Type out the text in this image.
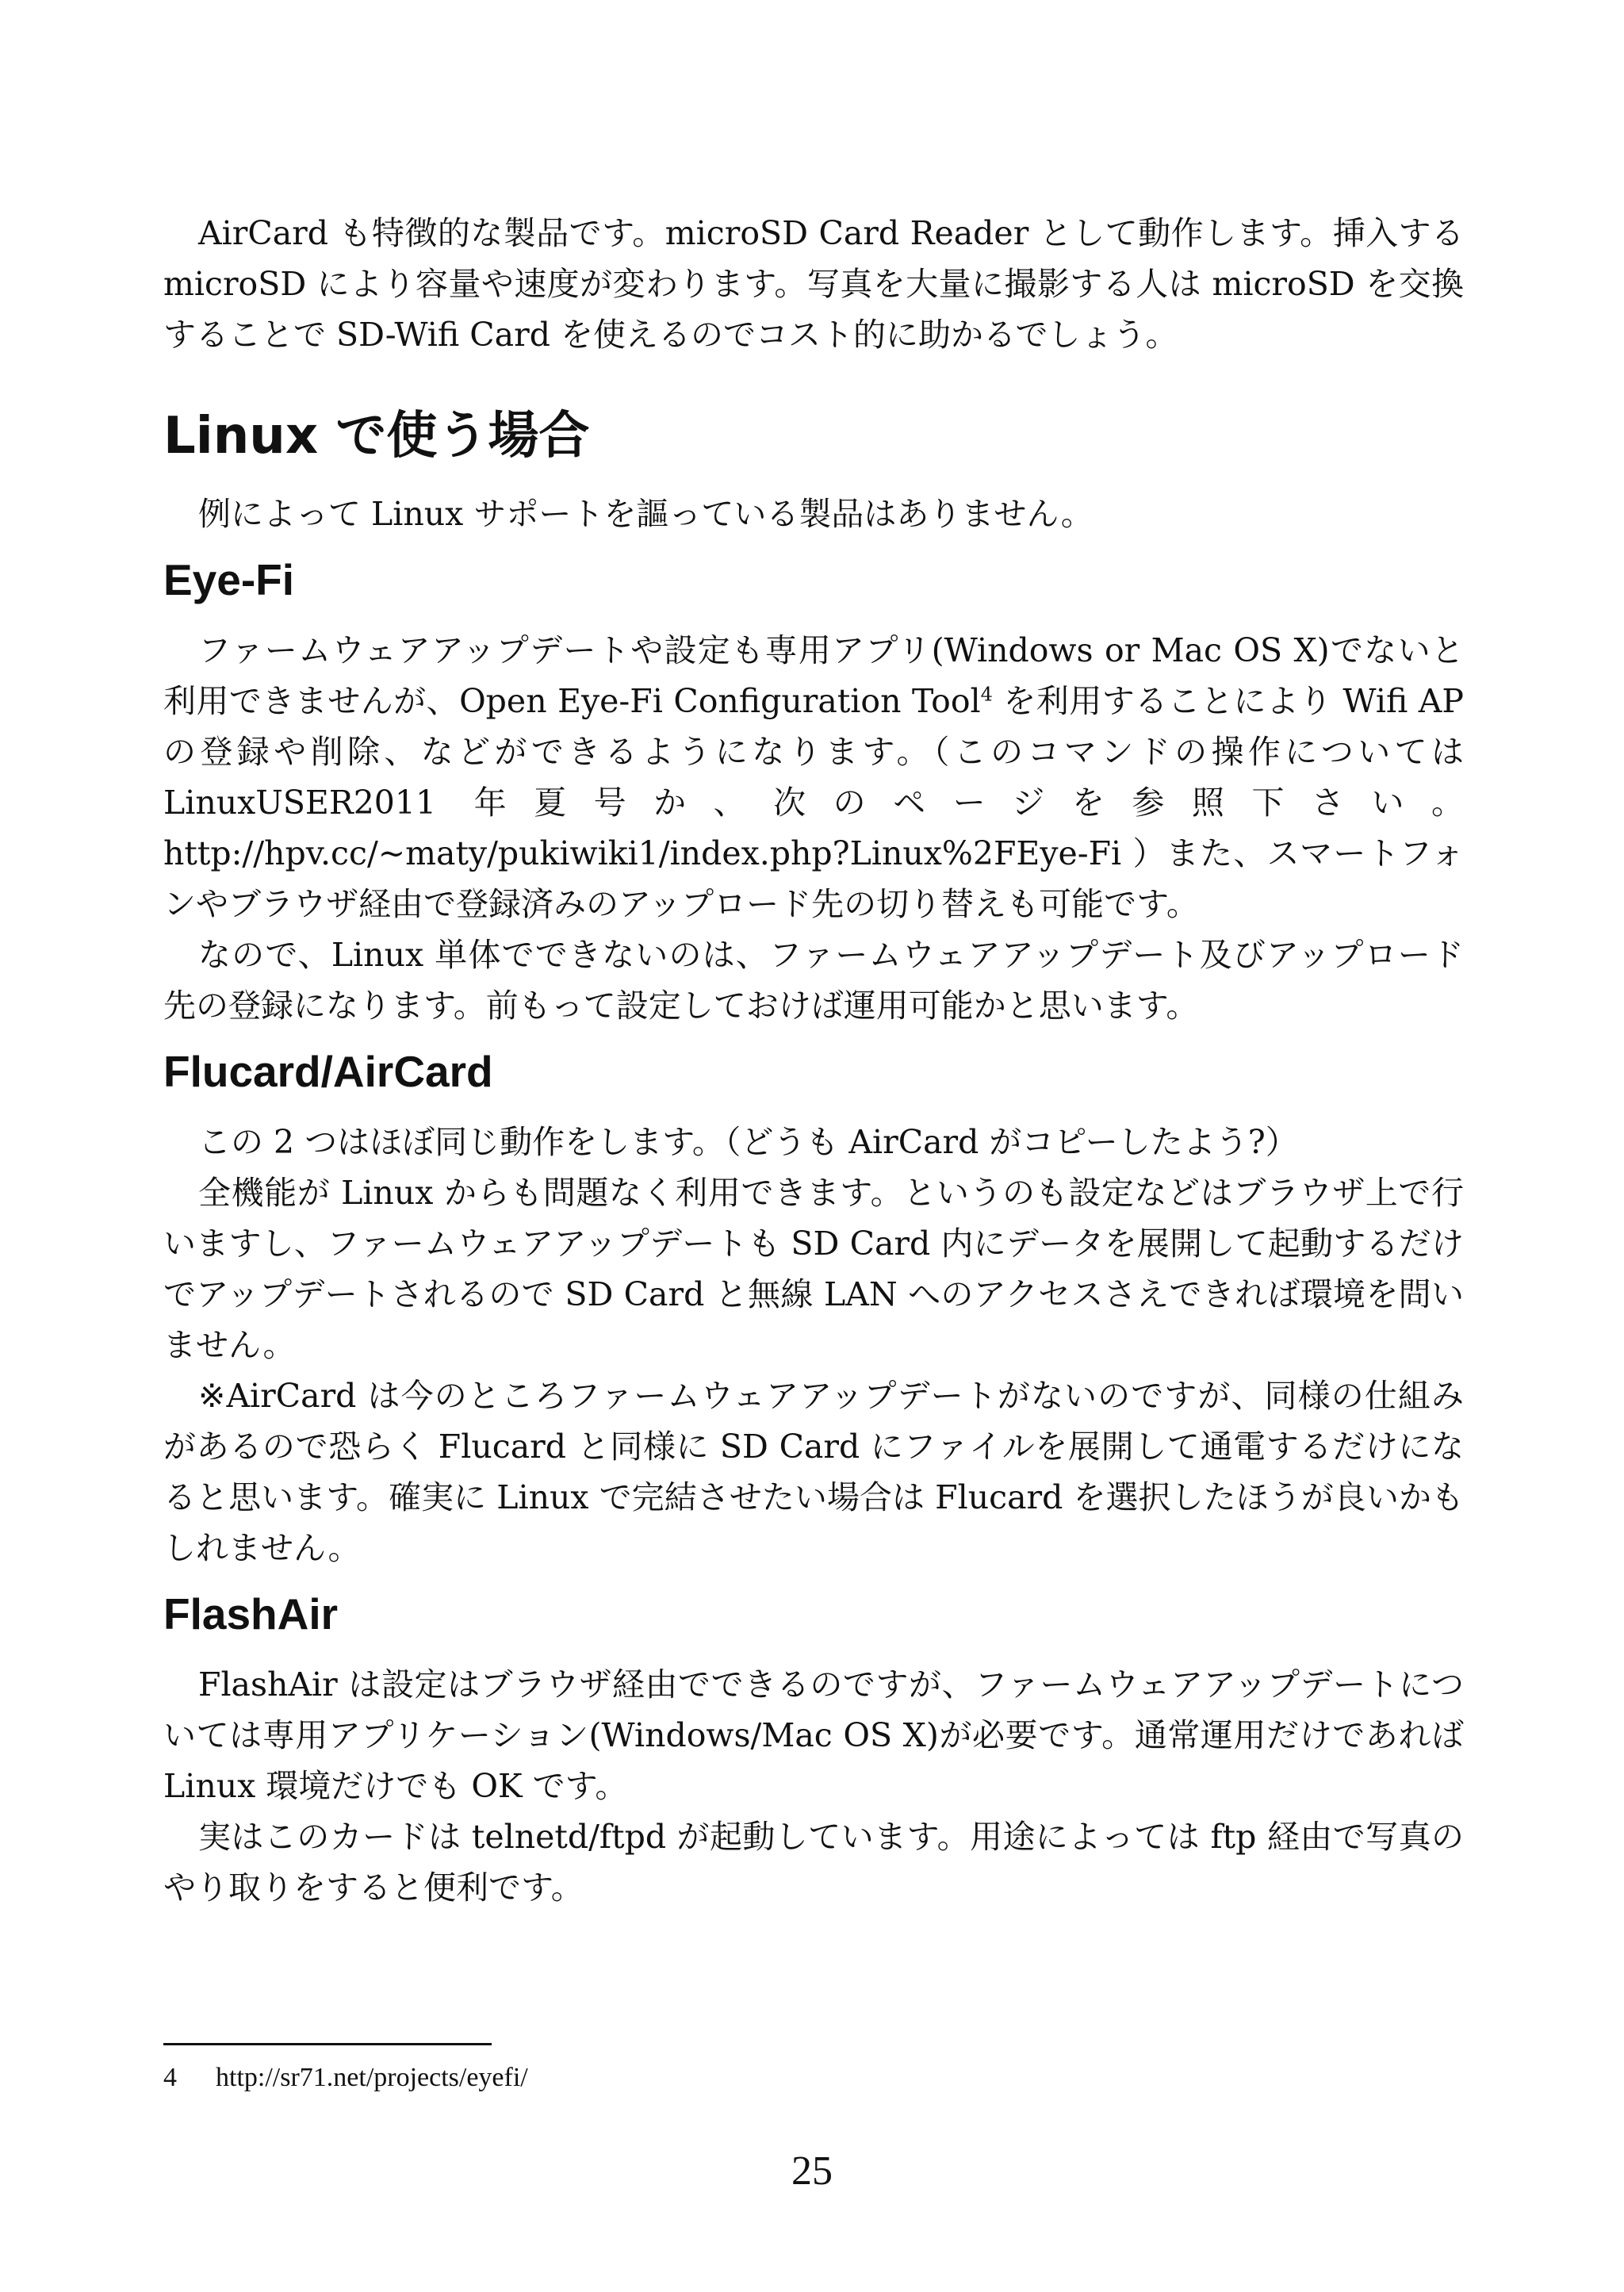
AirCard も特徴的な製品です。microSD Card Reader として動作します。挿入する microSD により容量や速度が変わります。写真を大量に撮影する人は microSD を交換することで SD-Wifi Card を使えるのでコスト的に助かるでしょう。

Linux で使う場合

例によって Linux サポートを謳っている製品はありません。

Eye-Fi

ファームウェアアップデートや設定も専用アプリ(Windows or Mac OS X)でないと利用できませんが、Open Eye-Fi Configuration Tool$^4$ を利用することにより Wifi AP の登録や削除、などができるようになります。（このコマンドの操作については LinuxUSER2011 年夏号か、次のページを参照下さい。 http://hpv.cc/~maty/pukiwiki1/index.php?Linux%2FEye-Fi ）また、スマートフォンやブラウザ経由で登録済みのアップロード先の切り替えも可能です。

なので、Linux 単体でできないのは、ファームウェアアップデート及びアップロード先の登録になります。前もって設定しておけば運用可能かと思います。

Flucard/AirCard

この 2 つはほぼ同じ動作をします。（どうも AirCard がコピーしたよう?）

全機能が Linux からも問題なく利用できます。というのも設定などはブラウザ上で行いますし、ファームウェアアップデートも SD Card 内にデータを展開して起動するだけでアップデートされるので SD Card と無線 LAN へのアクセスさえできれば環境を問いません。

※AirCard は今のところファームウェアアップデートがないのですが、同様の仕組みがあるので恐らく Flucard と同様に SD Card にファイルを展開して通電するだけになると思います。確実に Linux で完結させたい場合は Flucard を選択したほうが良いかもしれません。

FlashAir

FlashAir は設定はブラウザ経由でできるのですが、ファームウェアアップデートについては専用アプリケーション(Windows/Mac OS X)が必要です。通常運用だけであれば Linux 環境だけでも OK です。

実はこのカードは telnetd/ftpd が起動しています。用途によっては ftp 経由で写真のやり取りをすると便利です。

4 http://sr71.net/projects/eyefi/
25
